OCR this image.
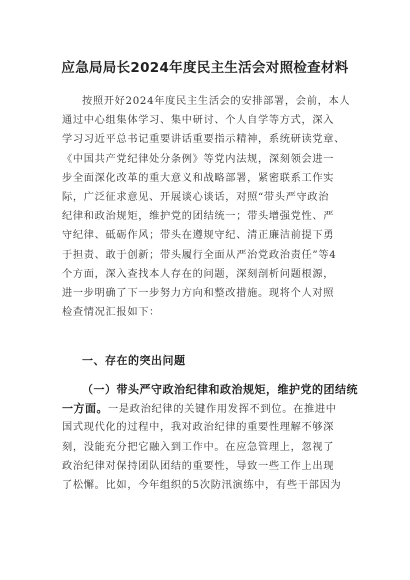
应急局局长2024年度民主生活会对照检查材料
按照开好2024年度民主生活会的安排部署，会前，本人
通过中心组集体学习、集中研讨、个人自学等方式，深入
学习习近平总书记重要讲话重要指示精神，系统研读党章、
《中国共产党纪律处分条例》等党内法规，深刻领会进一
步全面深化改革的重大意义和战略部署，紧密联系工作实
际，广泛征求意见、开展谈心谈话，对照“带头严守政治
纪律和政治规矩，维护党的团结统一；带头增强党性、严
守纪律、砥砺作风；带头在遵规守纪、清正廉洁前提下勇
于担责、敢于创新；带头履行全面从严治党政治责任”等4
个方面，深入查找本人存在的问题，深刻剖析问题根源，
进一步明确了下一步努力方向和整改措施。现将个人对照
检查情况汇报如下：
一、存在的突出问题
（一）带头严守政治纪律和政治规矩，维护党的团结统
一方面。一是政治纪律的关键作用发挥不到位。在推进中
国式现代化的过程中，我对政治纪律的重要性理解不够深
刻，没能充分把它融入到工作中。在应急管理上，忽视了
政治纪律对保持团队团结的重要性，导致一些工作上出现
了松懈。比如，今年组织的5次防汛演练中，有些干部因为
